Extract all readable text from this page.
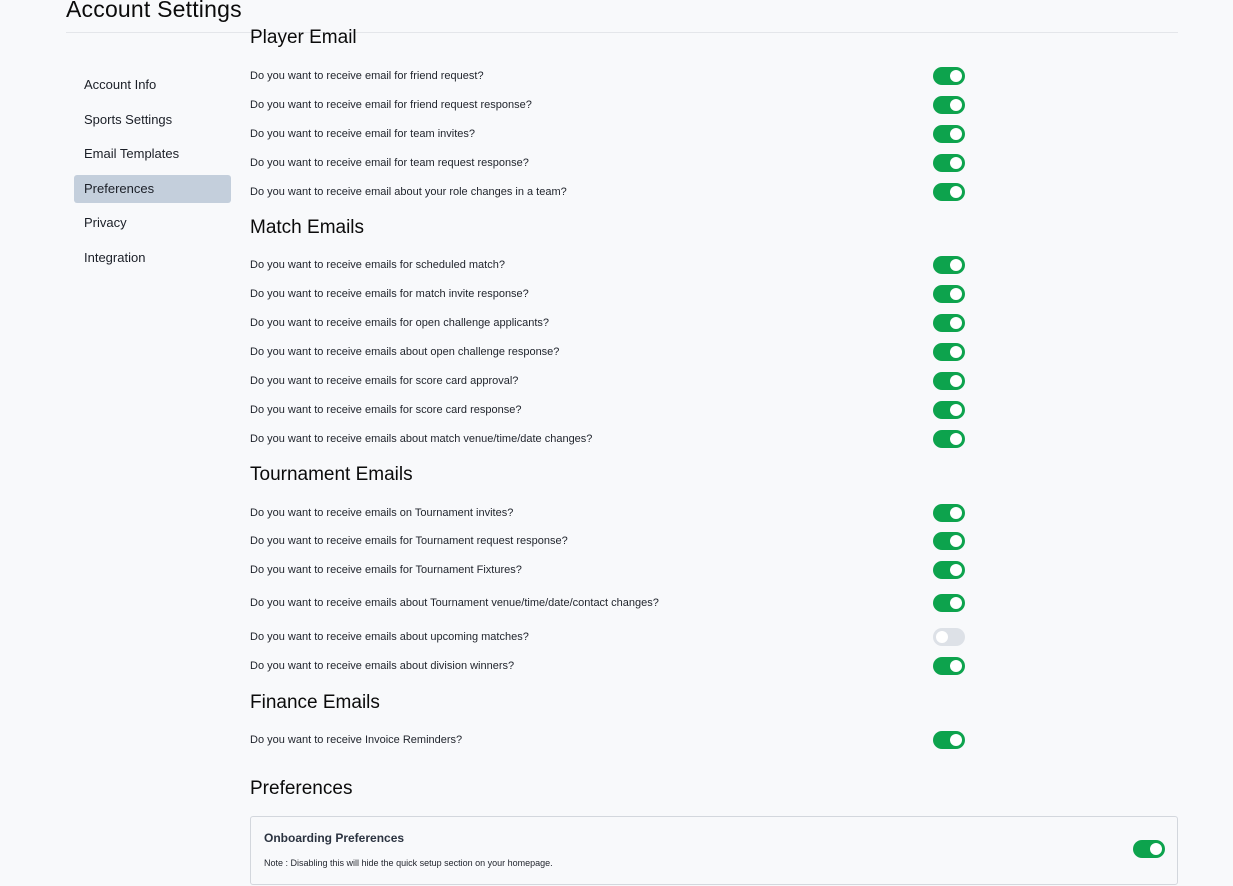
Account Settings
Account Info
Sports Settings
Email Templates
Preferences
Privacy
Integration
Player Email
Do you want to receive email for friend request?
Do you want to receive email for friend request response?
Do you want to receive email for team invites?
Do you want to receive email for team request response?
Do you want to receive email about your role changes in a team?
Match Emails
Do you want to receive emails for scheduled match?
Do you want to receive emails for match invite response?
Do you want to receive emails for open challenge applicants?
Do you want to receive emails about open challenge response?
Do you want to receive emails for score card approval?
Do you want to receive emails for score card response?
Do you want to receive emails about match venue/time/date changes?
Tournament Emails
Do you want to receive emails on Tournament invites?
Do you want to receive emails for Tournament request response?
Do you want to receive emails for Tournament Fixtures?
Do you want to receive emails about Tournament venue/time/date/contact changes?
Do you want to receive emails about upcoming matches?
Do you want to receive emails about division winners?
Finance Emails
Do you want to receive Invoice Reminders?
Preferences
Onboarding Preferences
Note : Disabling this will hide the quick setup section on your homepage.
